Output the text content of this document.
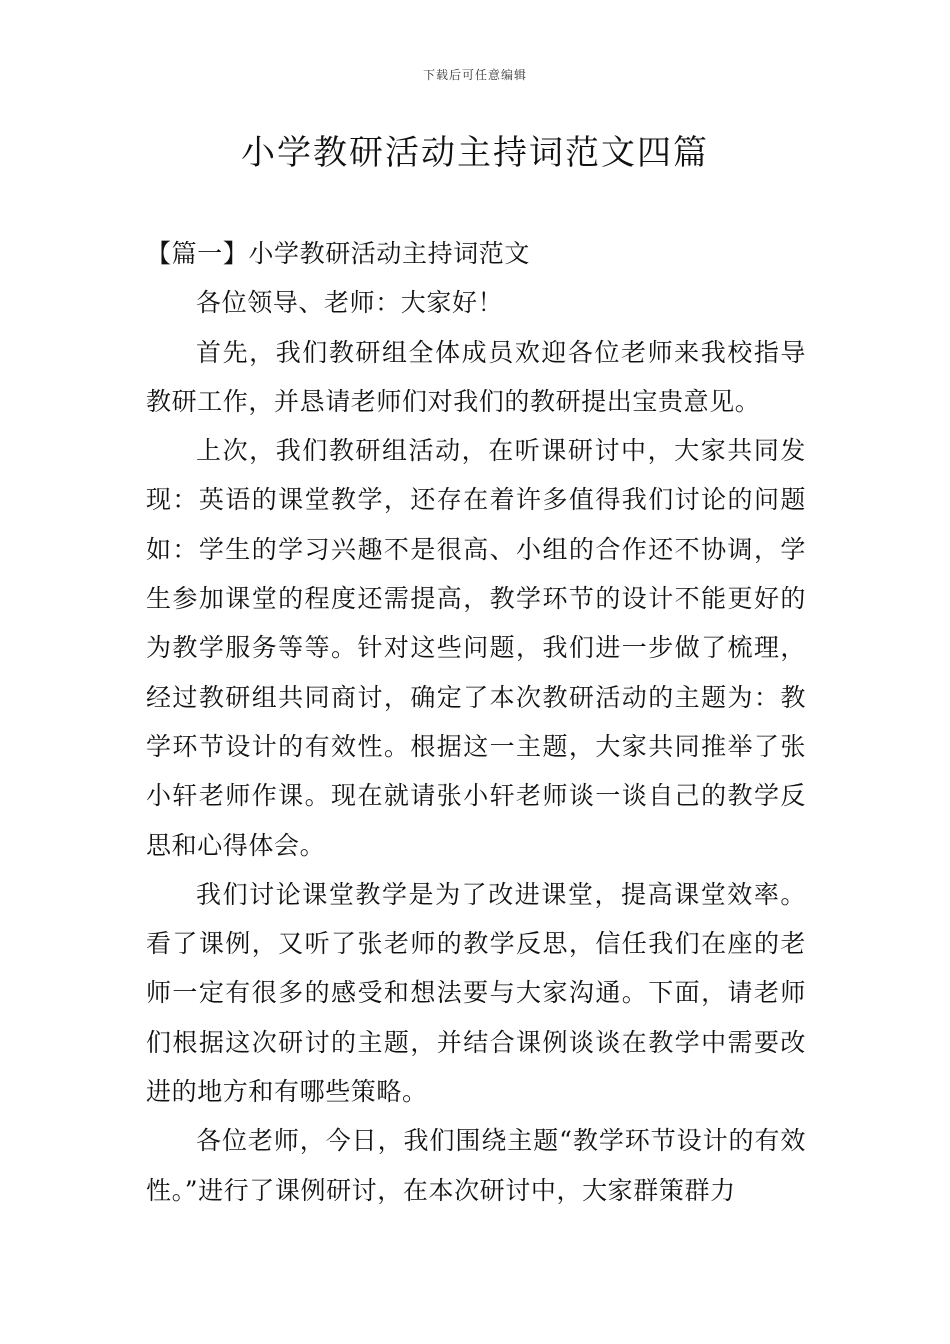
下载后可任意编辑
小学教研活动主持词范文四篇
【篇一】小学教研活动主持词范文

各位领导、老师：大家好！

首先，我们教研组全体成员欢迎各位老师来我校指导教研工作，并恳请老师们对我们的教研提出宝贵意见。

上次，我们教研组活动，在听课研讨中，大家共同发现：英语的课堂教学，还存在着许多值得我们讨论的问题如：学生的学习兴趣不是很高、小组的合作还不协调，学生参加课堂的程度还需提高，教学环节的设计不能更好的为教学服务等等。针对这些问题，我们进一步做了梳理，经过教研组共同商讨，确定了本次教研活动的主题为：教学环节设计的有效性。根据这一主题，大家共同推举了张小轩老师作课。现在就请张小轩老师谈一谈自己的教学反思和心得体会。

我们讨论课堂教学是为了改进课堂，提高课堂效率。看了课例，又听了张老师的教学反思，信任我们在座的老师一定有很多的感受和想法要与大家沟通。下面，请老师们根据这次研讨的主题，并结合课例谈谈在教学中需要改进的地方和有哪些策略。

各位老师，今日，我们围绕主题“教学环节设计的有效性。”进行了课例研讨，在本次研讨中，大家群策群力
